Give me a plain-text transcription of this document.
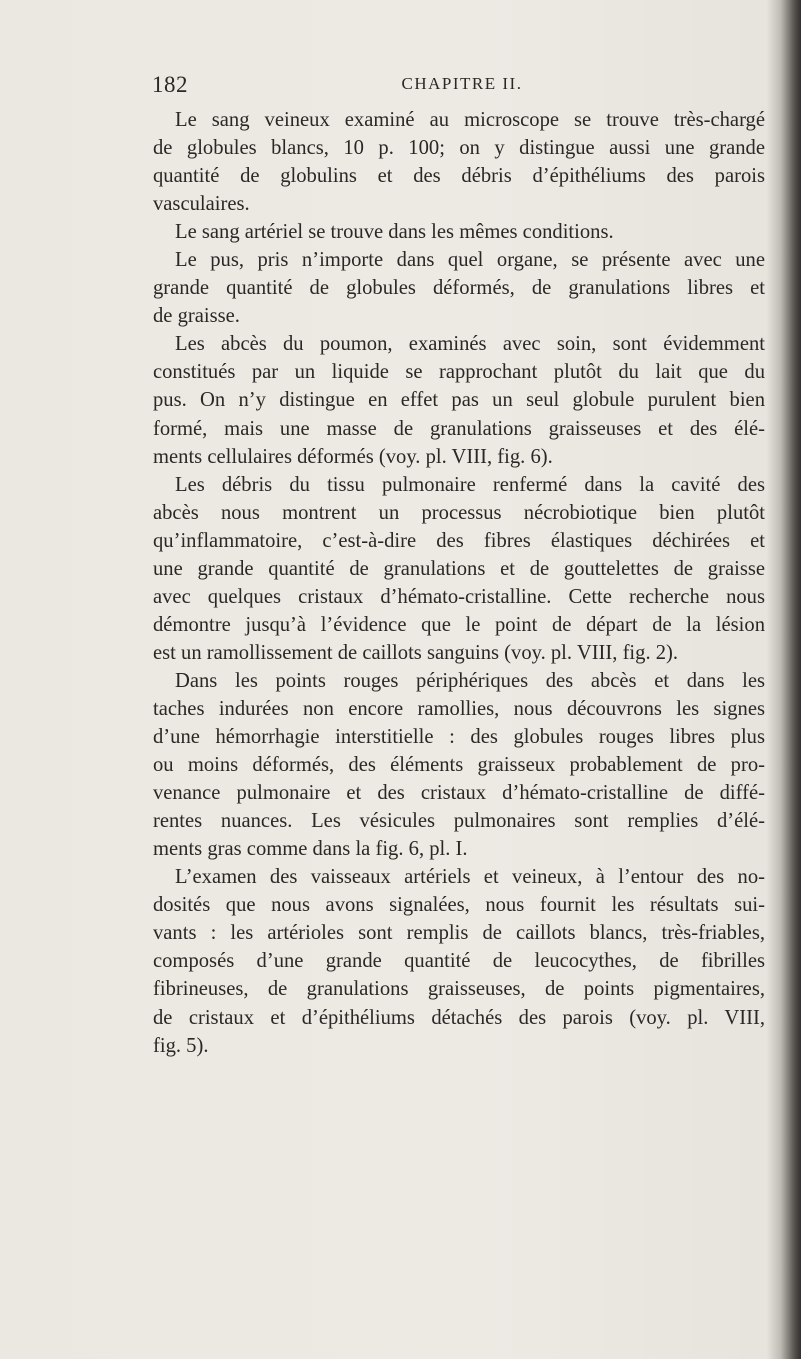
182	CHAPITRE II.
Le sang veineux examiné au microscope se trouve très-chargé
de globules blancs, 10 p. 100; on y distingue aussi une grande
quantité de globulins et des débris d’épithéliums des parois
vasculaires.
Le sang artériel se trouve dans les mêmes conditions.
Le pus, pris n’importe dans quel organe, se présente avec une
grande quantité de globules déformés, de granulations libres et
de graisse.
Les abcès du poumon, examinés avec soin, sont évidemment
constitués par un liquide se rapprochant plutôt du lait que du
pus. On n’y distingue en effet pas un seul globule purulent bien
formé, mais une masse de granulations graisseuses et des élé-
ments cellulaires déformés (voy. pl. VIII, fig. 6).
Les débris du tissu pulmonaire renfermé dans la cavité des
abcès nous montrent un processus nécrobiotique bien plutôt
qu’inflammatoire, c’est-à-dire des fibres élastiques déchirées et
une grande quantité de granulations et de gouttelettes de graisse
avec quelques cristaux d’hémato-cristalline. Cette recherche nous
démontre jusqu’à l’évidence que le point de départ de la lésion
est un ramollissement de caillots sanguins (voy. pl. VIII, fig. 2).
Dans les points rouges périphériques des abcès et dans les
taches indurées non encore ramollies, nous découvrons les signes
d’une hémorrhagie interstitielle : des globules rouges libres plus
ou moins déformés, des éléments graisseux probablement de pro-
venance pulmonaire et des cristaux d’hémato-cristalline de diffé-
rentes nuances. Les vésicules pulmonaires sont remplies d’élé-
ments gras comme dans la fig. 6, pl. I.
L’examen des vaisseaux artériels et veineux, à l’entour des no-
dosités que nous avons signalées, nous fournit les résultats sui-
vants : les artérioles sont remplis de caillots blancs, très-friables,
composés d’une grande quantité de leucocythes, de fibrilles
fibrineuses, de granulations graisseuses, de points pigmentaires,
de cristaux et d’épithéliums détachés des parois (voy. pl. VIII,
fig. 5).
